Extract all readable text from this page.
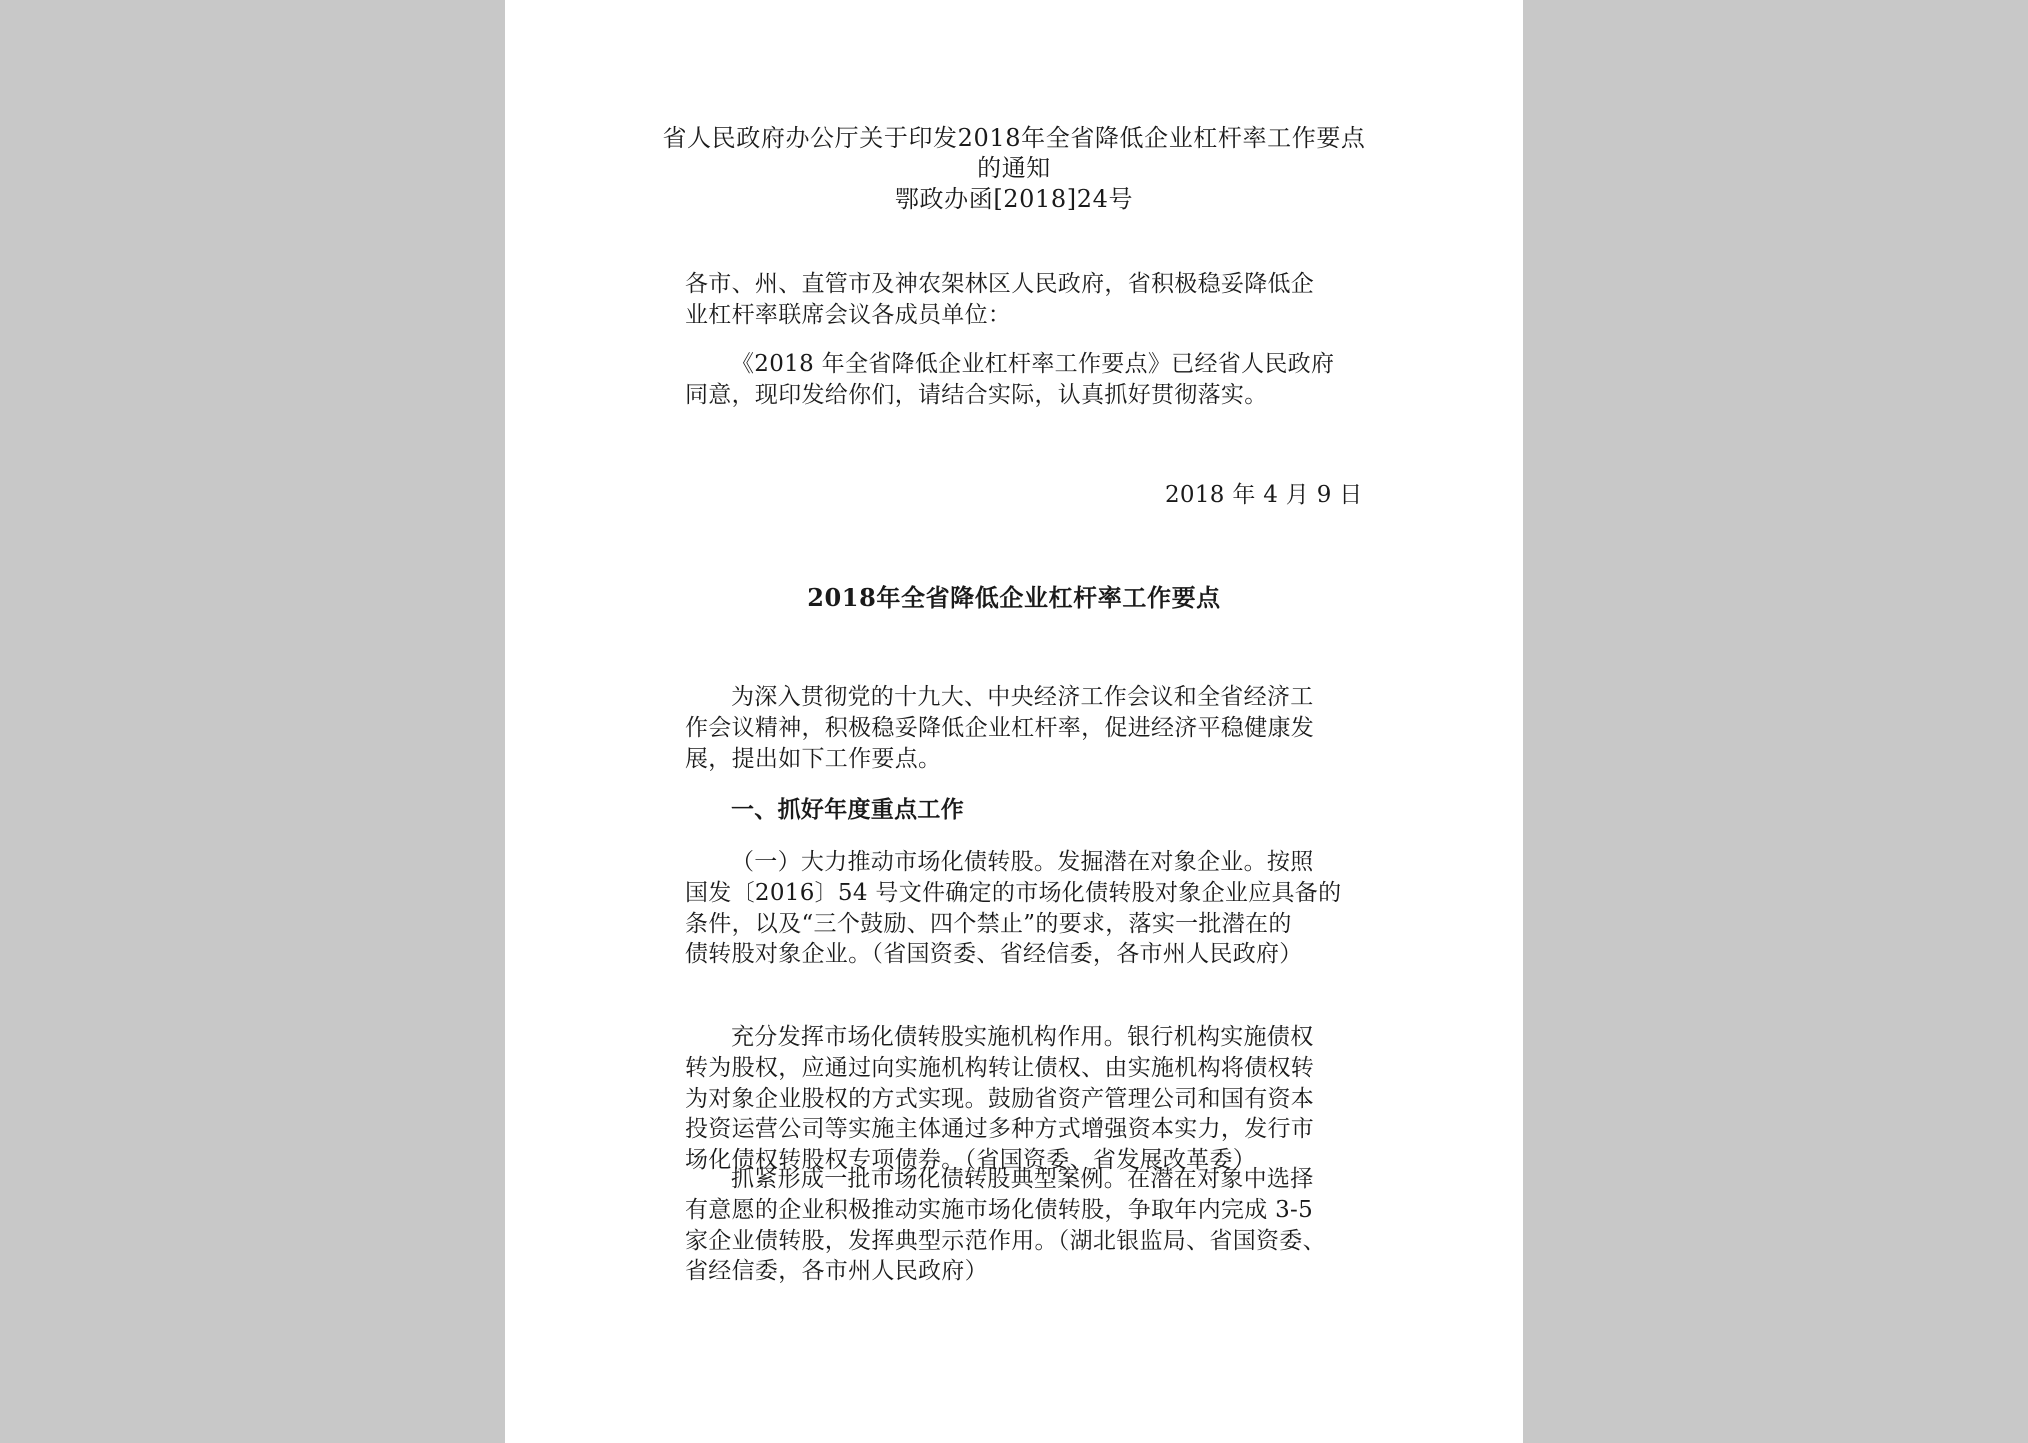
省人民政府办公厅关于印发2018年全省降低企业杠杆率工作要点
的通知
鄂政办函[2018]24号
各市、州、直管市及神农架林区人民政府，省积极稳妥降低企
业杠杆率联席会议各成员单位：
《2018 年全省降低企业杠杆率工作要点》已经省人民政府
同意，现印发给你们，请结合实际，认真抓好贯彻落实。
2018 年 4 月 9 日
2018年全省降低企业杠杆率工作要点
为深入贯彻党的十九大、中央经济工作会议和全省经济工
作会议精神，积极稳妥降低企业杠杆率，促进经济平稳健康发
展，提出如下工作要点。
一、抓好年度重点工作
（一）大力推动市场化债转股。发掘潜在对象企业。按照
国发〔2016〕54 号文件确定的市场化债转股对象企业应具备的
条件，以及“三个鼓励、四个禁止”的要求，落实一批潜在的
债转股对象企业。（省国资委、省经信委，各市州人民政府）
充分发挥市场化债转股实施机构作用。银行机构实施债权
转为股权，应通过向实施机构转让债权、由实施机构将债权转
为对象企业股权的方式实现。鼓励省资产管理公司和国有资本
投资运营公司等实施主体通过多种方式增强资本实力，发行市
场化债权转股权专项债券。（省国资委、省发展改革委）
抓紧形成一批市场化债转股典型案例。在潜在对象中选择
有意愿的企业积极推动实施市场化债转股，争取年内完成 3-5
家企业债转股，发挥典型示范作用。（湖北银监局、省国资委、
省经信委，各市州人民政府）
